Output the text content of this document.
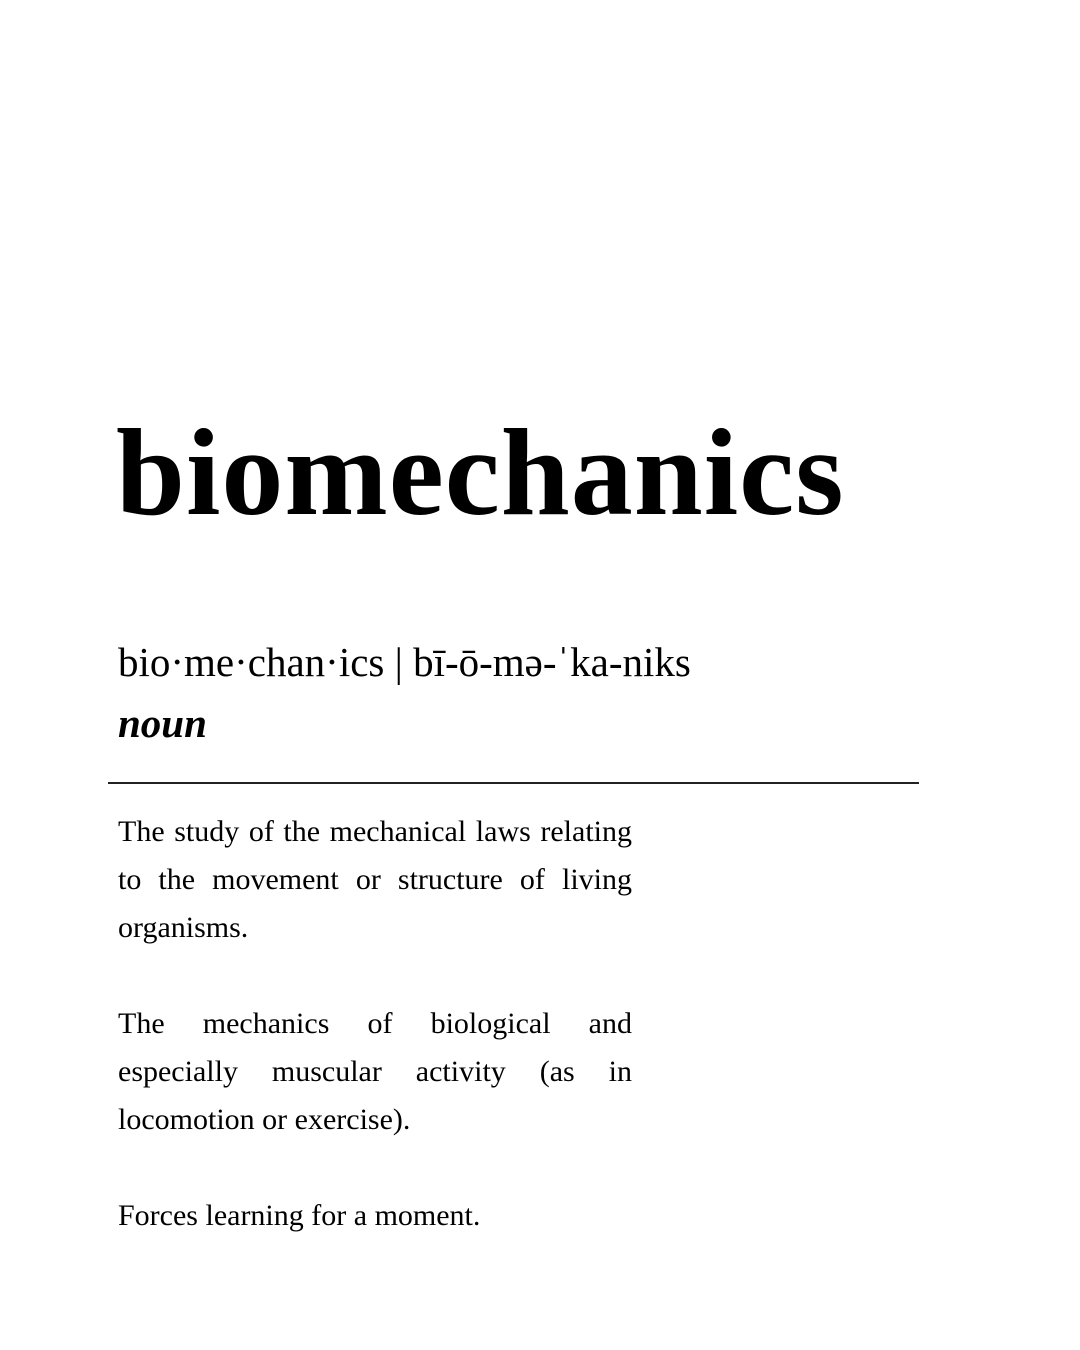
biomechanics
bio·me·chan·ics | bī-ō-mə-ˈka-niks
noun

The study of the mechanical laws relating to the movement or structure of living organisms.

The mechanics of biological and especially muscular activity (as in locomotion or exercise).

Forces learning for a moment.
